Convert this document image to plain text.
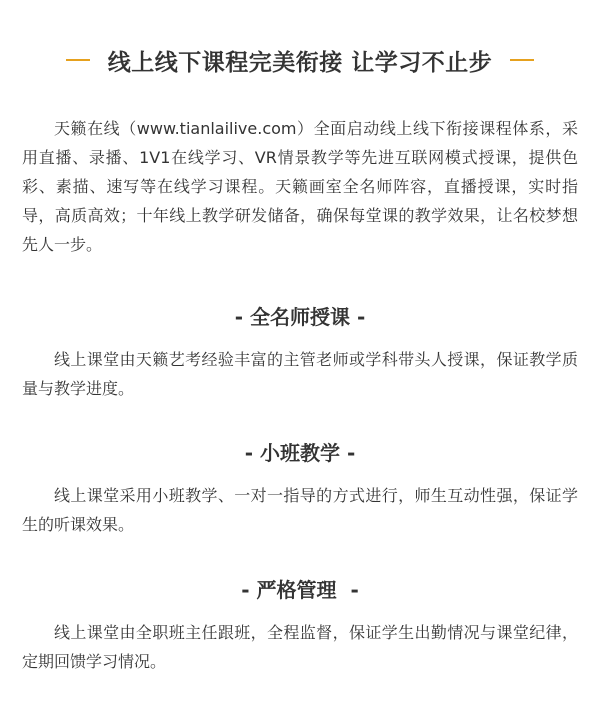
线上线下课程完美衔接 让学习不止步

天籁在线（www.tianlailive.com）全面启动线上线下衔接课程体系，采用直播、录播、1V1在线学习、VR情景教学等先进互联网模式授课，提供色彩、素描、速写等在线学习课程。天籁画室全名师阵容，直播授课，实时指导，高质高效；十年线上教学研发储备，确保每堂课的教学效果，让名校梦想先人一步。

- 全名师授课 -

线上课堂由天籁艺考经验丰富的主管老师或学科带头人授课，保证教学质量与教学进度。

- 小班教学 -

线上课堂采用小班教学、一对一指导的方式进行，师生互动性强，保证学生的听课效果。

- 严格管理  -

线上课堂由全职班主任跟班，全程监督，保证学生出勤情况与课堂纪律，定期回馈学习情况。
